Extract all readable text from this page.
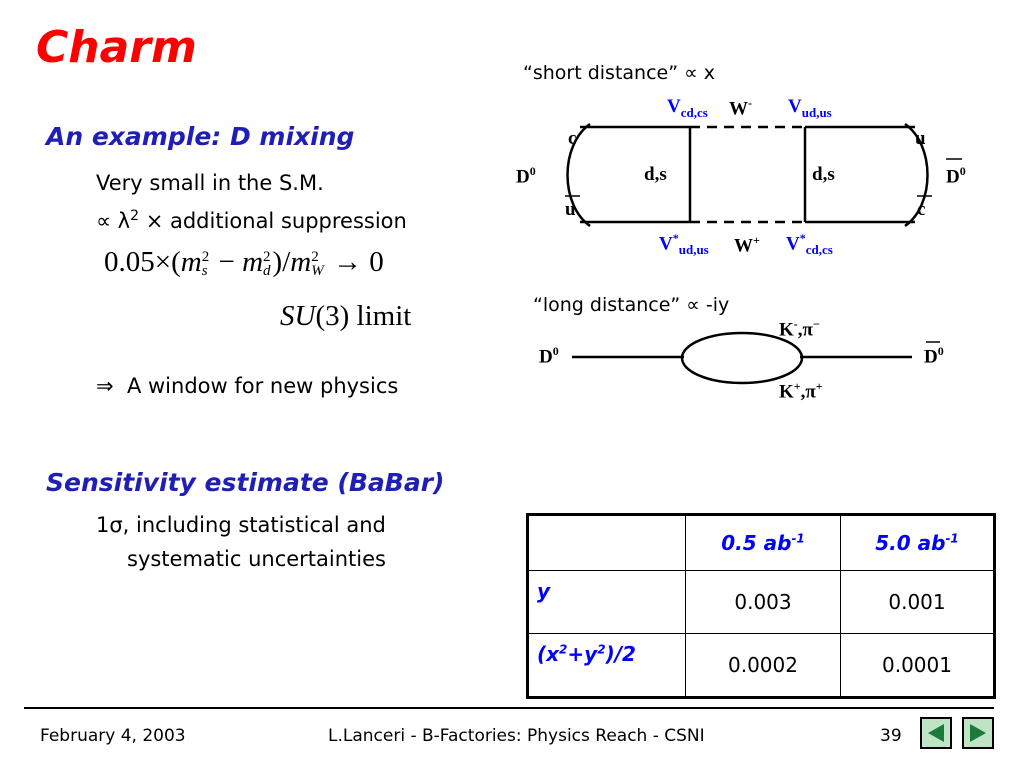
Charm
An example: D mixing
Very small in the S.M.
∝ $\lambda^2$ × additional suppression
0.05×(m 2
s − m 2
d )/m 2
W → 0
SU(3) limit
⇒ A window for new physics
Sensitivity estimate (BaBar)
1σ, including statistical and
systematic uncertainties
“short distance” ∝ x
$V_{cd,cs}$ W- $V_{ud,us}$
c
u
$D^0$	d,s	d,s
u
c
$D^0$
$V^*_{ud,us}$ W+ $V^*_{cd,cs}$
“long distance” ∝ -iy
$D^0$	$D^0$
K-,π−
K+,π+
	0.5 $ab^{-1}$	5.0 $ab^{-1}$
y	0.003	0.001
$(x^2+y^2)/2$	0.0002	0.0001
February 4, 2003	L.Lanceri - B-Factories: Physics Reach - CSNI	39
